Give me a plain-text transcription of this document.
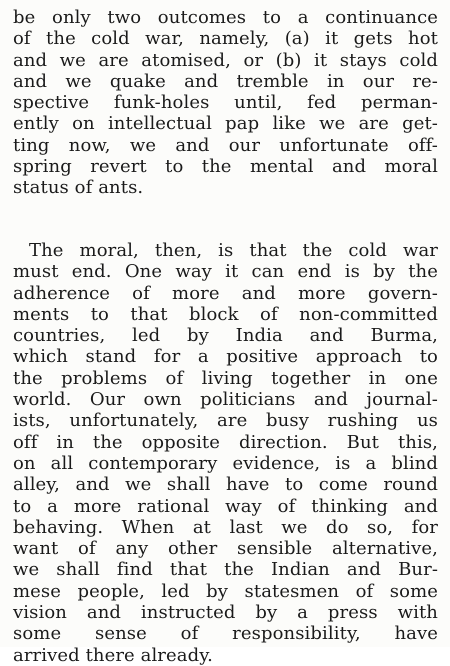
be only two outcomes to a continuance
of the cold war, namely, (a) it gets hot
and we are atomised, or (b) it stays cold
and we quake and tremble in our re-
spective funk-holes until, fed perman-
ently on intellectual pap like we are get-
ting now, we and our unfortunate off-
spring revert to the mental and moral
status of ants.
The moral, then, is that the cold war
must end. One way it can end is by the
adherence of more and more govern-
ments to that block of non-committed
countries, led by India and Burma,
which stand for a positive approach to
the problems of living together in one
world. Our own politicians and journal-
ists, unfortunately, are busy rushing us
off in the opposite direction. But this,
on all contemporary evidence, is a blind
alley, and we shall have to come round
to a more rational way of thinking and
behaving. When at last we do so, for
want of any other sensible alternative,
we shall find that the Indian and Bur-
mese people, led by statesmen of some
vision and instructed by a press with
some sense of responsibility, have
arrived there already.
